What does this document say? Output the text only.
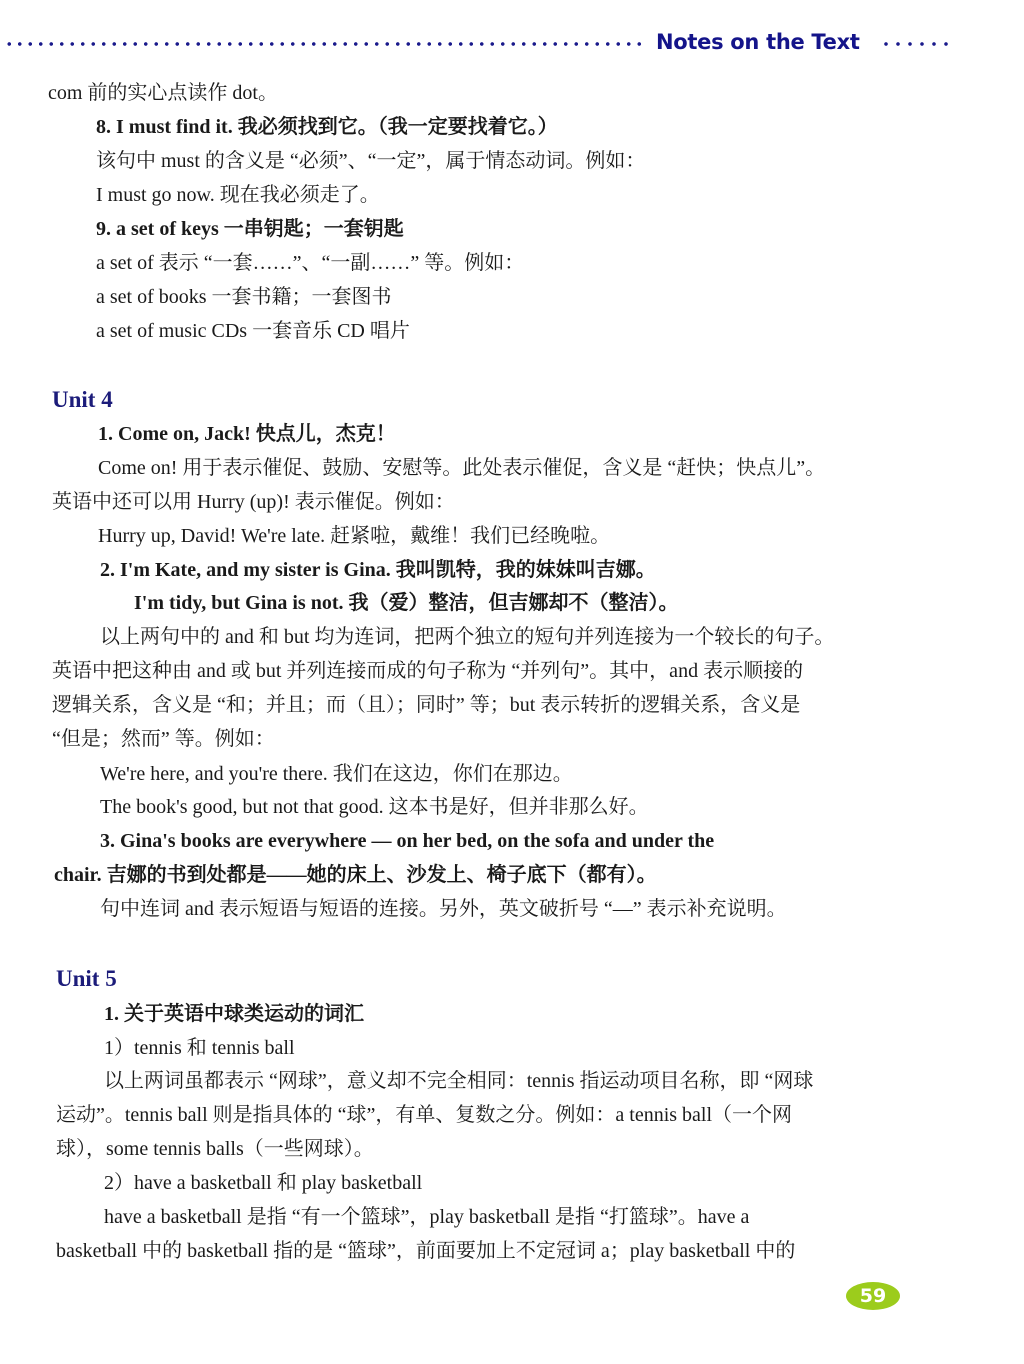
Notes on the Text
com 前的实心点读作 dot。
8. I must find it. 我必须找到它。（我一定要找着它。）
该句中 must 的含义是 “必须”、“一定”，属于情态动词。例如：
I must go now. 现在我必须走了。
9. a set of keys 一串钥匙；一套钥匙
a set of 表示 “一套……”、“一副……” 等。例如：
a set of books 一套书籍；一套图书
a set of music CDs 一套音乐 CD 唱片
1. Come on, Jack! 快点儿，杰克！
Come on! 用于表示催促、鼓励、安慰等。此处表示催促，含义是 “赶快；快点儿”。
英语中还可以用 Hurry (up)! 表示催促。例如：
Hurry up, David! We're late. 赶紧啦，戴维！我们已经晚啦。
2. I'm Kate, and my sister is Gina. 我叫凯特，我的妹妹叫吉娜。
I'm tidy, but Gina is not. 我（爱）整洁，但吉娜却不（整洁）。
以上两句中的 and 和 but 均为连词，把两个独立的短句并列连接为一个较长的句子。
英语中把这种由 and 或 but 并列连接而成的句子称为 “并列句”。其中，and 表示顺接的
逻辑关系，含义是 “和；并且；而（且）；同时” 等；but 表示转折的逻辑关系，含义是
“但是；然而” 等。例如：
We're here, and you're there. 我们在这边，你们在那边。
The book's good, but not that good. 这本书是好，但并非那么好。
3. Gina's books are everywhere — on her bed, on the sofa and under the
chair. 吉娜的书到处都是——她的床上、沙发上、椅子底下（都有）。
句中连词 and 表示短语与短语的连接。另外，英文破折号 “—” 表示补充说明。
1. 关于英语中球类运动的词汇
1）tennis 和 tennis ball
以上两词虽都表示 “网球”，意义却不完全相同：tennis 指运动项目名称，即 “网球
运动”。tennis ball 则是指具体的 “球”，有单、复数之分。例如：a tennis ball（一个网
球），some tennis balls（一些网球）。
2）have a basketball 和 play basketball
have a basketball 是指 “有一个篮球”，play basketball 是指 “打篮球”。have a
basketball 中的 basketball 指的是 “篮球”，前面要加上不定冠词 a；play basketball 中的
Unit 4
Unit 5
59
